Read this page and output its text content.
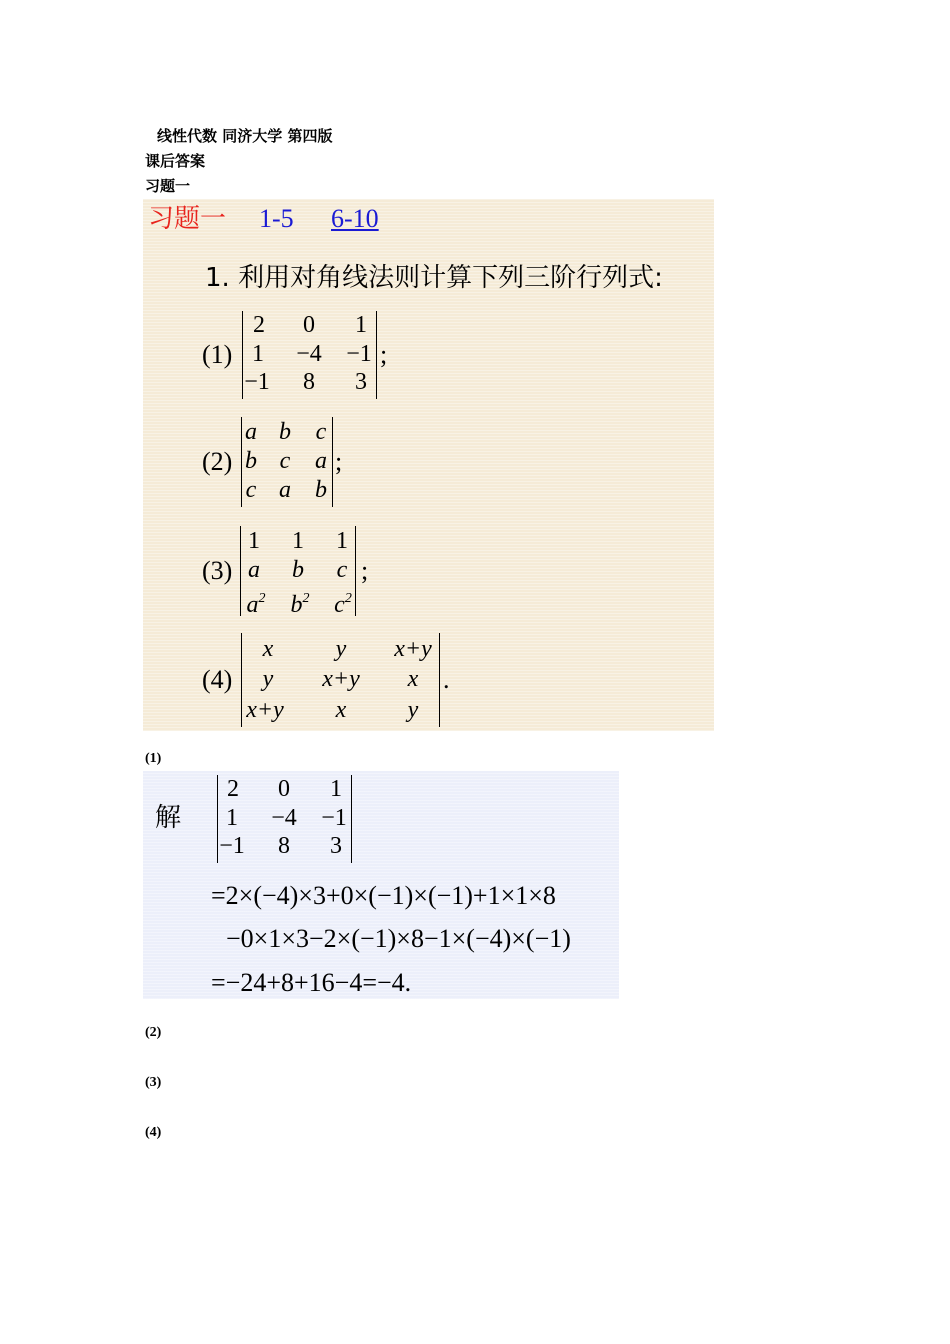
线性代数 同济大学 第四版
课后答案
习题一
习题一 1-5 6-10
1. 利用对角线法则计算下列三阶行列式:
(1)
2 0 1
1 −4 −1
−1 8 3
;
(2)
a b c
b c a
c a b
;
(3)
1 1 1
a b c
$a^2$ $b^2$ $c^2$
;
(4)
x	y x+y
y x+y x
x+y x	y
.
(1)
解
2 0 1
1 −4 −1
−1 8 3
=2×(−4)×3+0×(−1)×(−1)+1×1×8
−0×1×3−2×(−1)×8−1×(−4)×(−1)
=−24+8+16−4=−4.
(2)
(3)
(4)
